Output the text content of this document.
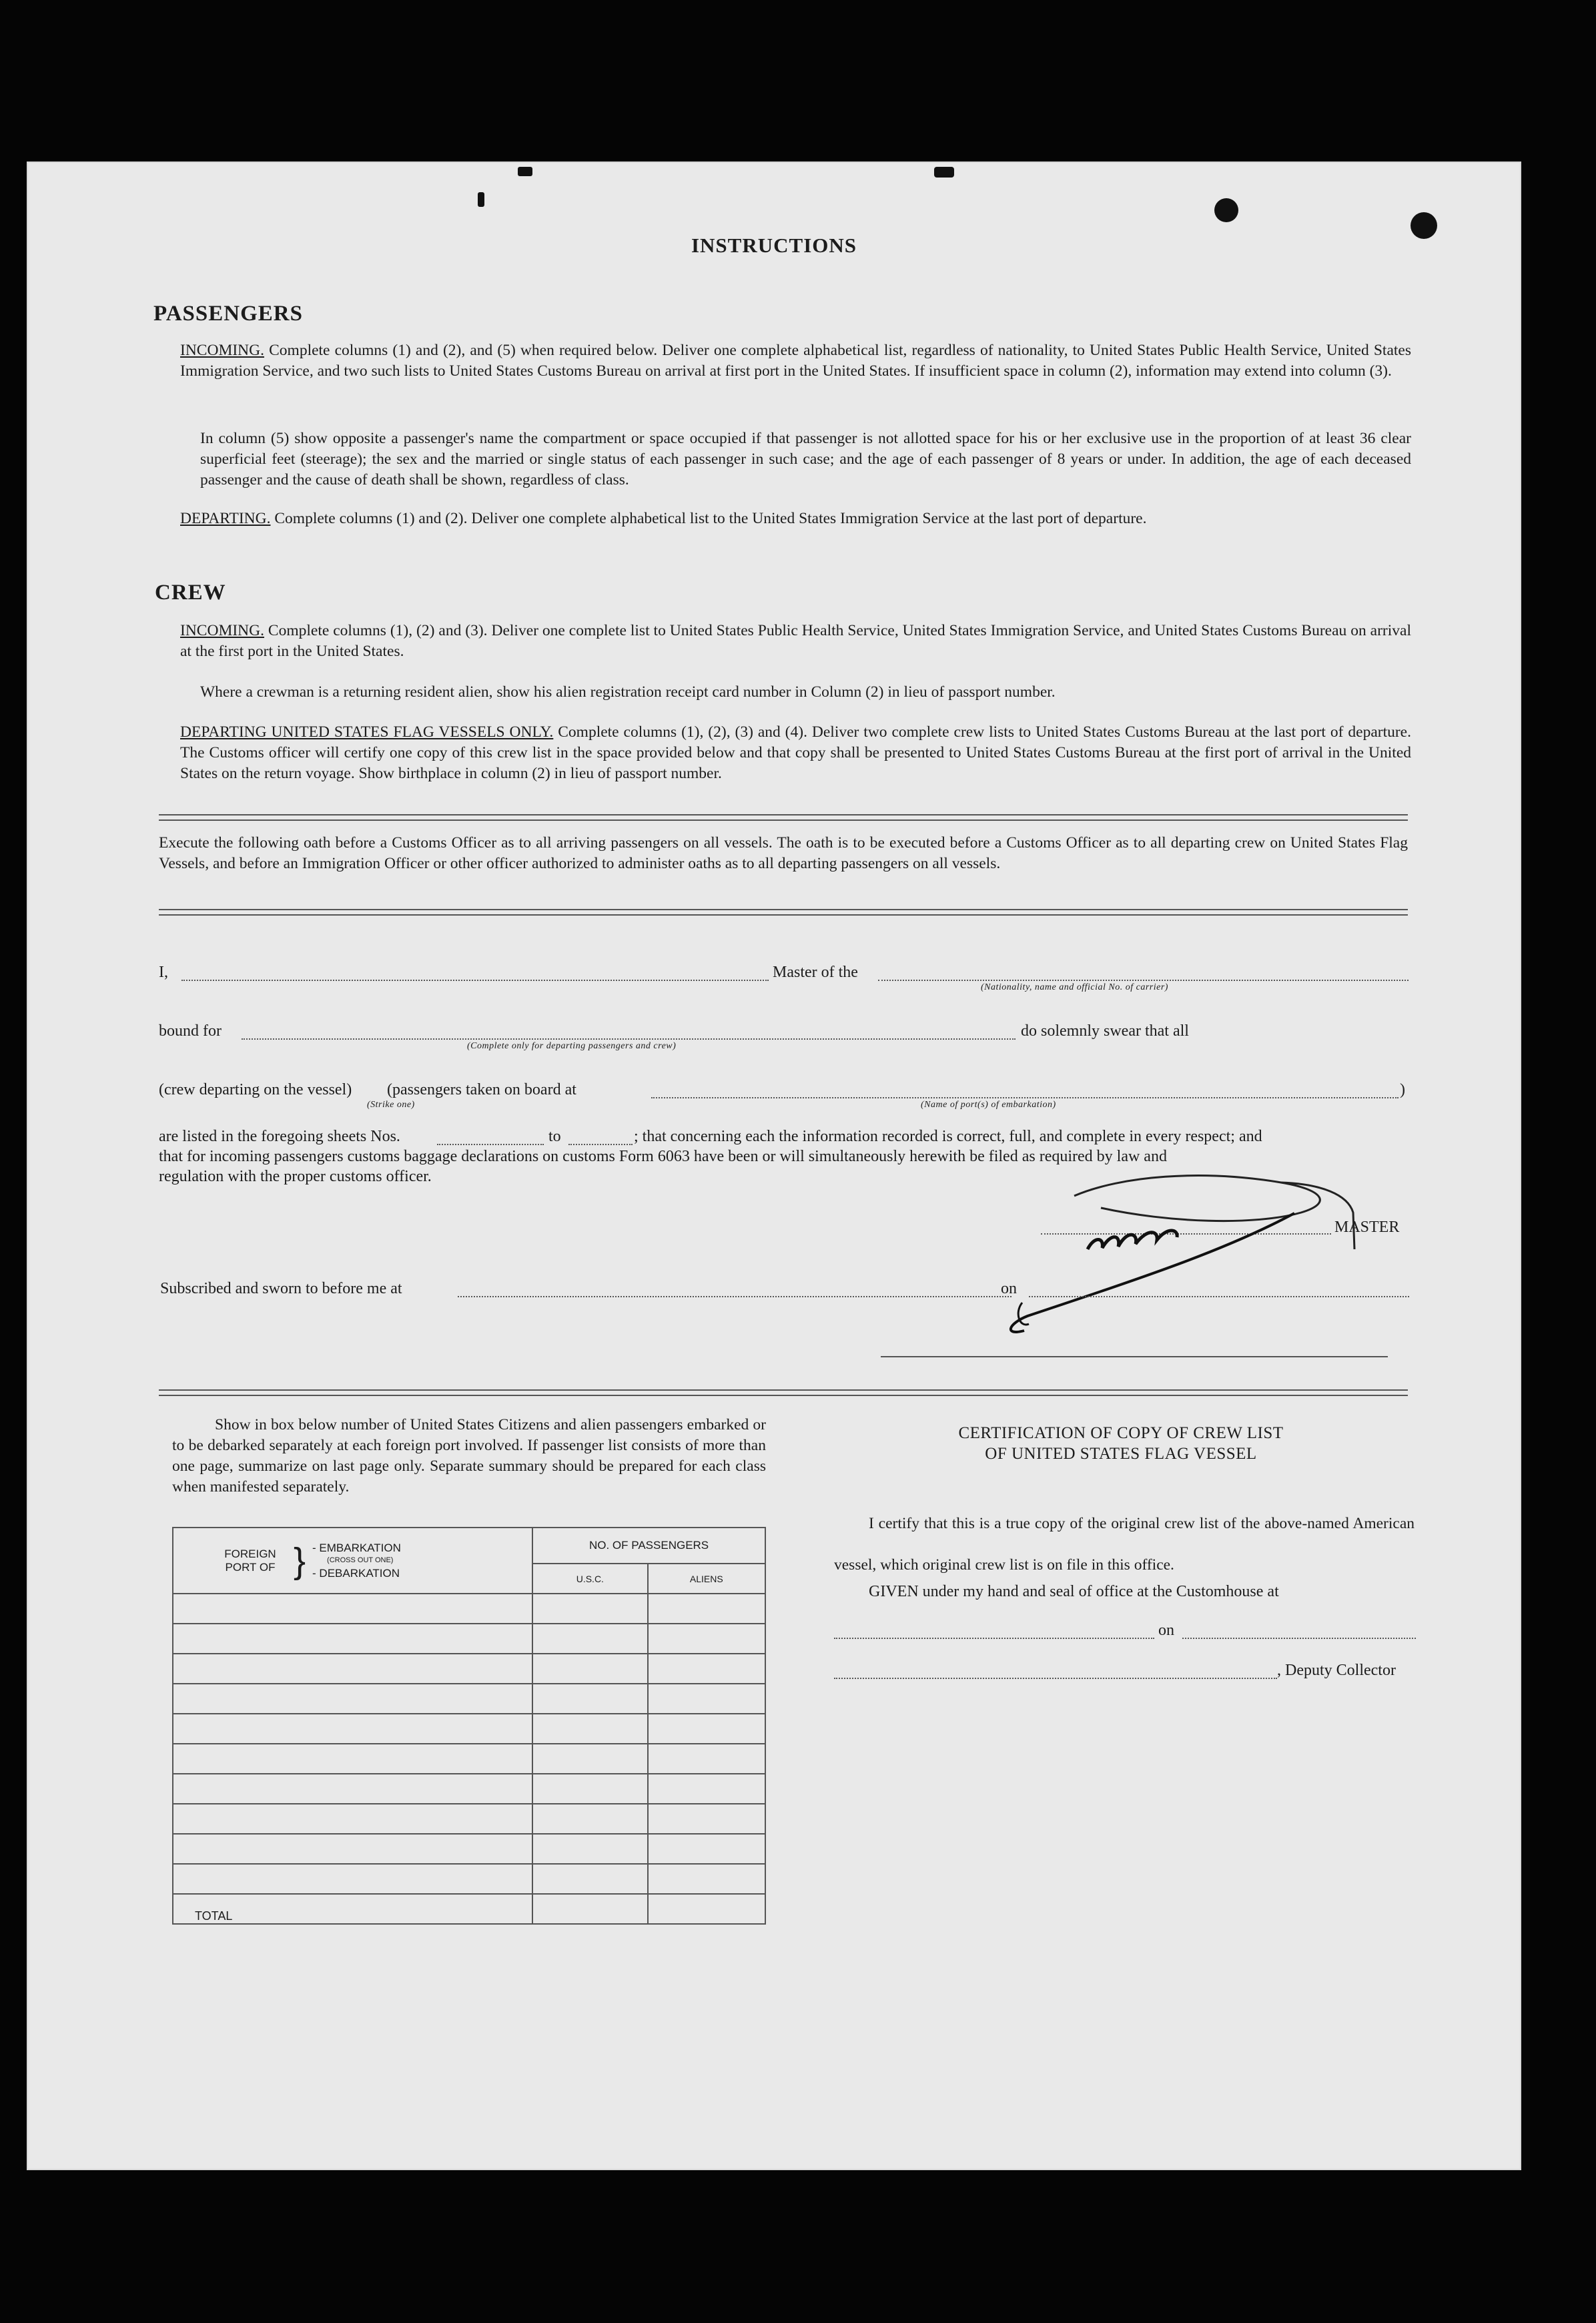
INSTRUCTIONS
PASSENGERS
INCOMING. Complete columns (1) and (2), and (5) when required below. Deliver one complete alphabetical list, regardless of nationality, to United States Public Health Service, United States Immigration Service, and two such lists to United States Customs Bureau on arrival at first port in the United States. If insufficient space in column (2), information may extend into column (3).
In column (5) show opposite a passenger's name the compartment or space occupied if that passenger is not allotted space for his or her exclusive use in the proportion of at least 36 clear superficial feet (steerage); the sex and the married or single status of each passenger in such case; and the age of each passenger of 8 years or under. In addition, the age of each deceased passenger and the cause of death shall be shown, regardless of class.
DEPARTING. Complete columns (1) and (2). Deliver one complete alphabetical list to the United States Immigration Service at the last port of departure.
CREW
INCOMING. Complete columns (1), (2) and (3). Deliver one complete list to United States Public Health Service, United States Immigration Service, and United States Customs Bureau on arrival at the first port in the United States.
Where a crewman is a returning resident alien, show his alien registration receipt card number in Column (2) in lieu of passport number.
DEPARTING UNITED STATES FLAG VESSELS ONLY. Complete columns (1), (2), (3) and (4). Deliver two complete crew lists to United States Customs Bureau at the last port of departure. The Customs officer will certify one copy of this crew list in the space provided below and that copy shall be presented to United States Customs Bureau at the first port of arrival in the United States on the return voyage. Show birthplace in column (2) in lieu of passport number.
Execute the following oath before a Customs Officer as to all arriving passengers on all vessels. The oath is to be executed before a Customs Officer as to all departing crew on United States Flag Vessels, and before an Immigration Officer or other officer authorized to administer oaths as to all departing passengers on all vessels.
I,	Master of the
(Nationality, name and official No. of carrier)
bound for
(Complete only for departing passengers and crew)
do solemnly swear that all
(crew departing on the vessel) (passengers taken on board at
(Strike one)	(Name of port(s) of embarkation)
)
are listed in the foregoing sheets Nos.	to	; that concerning each the information recorded is correct, full, and complete in every respect; and
that for incoming passengers customs baggage declarations on customs Form 6063 have been or will simultaneously herewith be filed as required by law and
regulation with the proper customs officer.
MASTER
Subscribed and sworn to before me at	on
Show in box below number of United States Citizens and alien passengers embarked or to be debarked separately at each foreign port involved. If passenger list consists of more than one page, summarize on last page only. Separate summary should be prepared for each class when manifested separately.
FOREIGN PORT OF } - EMBARKATION
(CROSS OUT ONE)
- DEBARKATION	NO. OF PASSENGERS	
	U.S.C.	ALIENS

TOTAL		
CERTIFICATION OF COPY OF CREW LIST
OF UNITED STATES FLAG VESSEL
I certify that this is a true copy of the original crew list of the above-named American vessel, which original crew list is on file in this office.
GIVEN under my hand and seal of office at the Customhouse at
on
, Deputy Collector
